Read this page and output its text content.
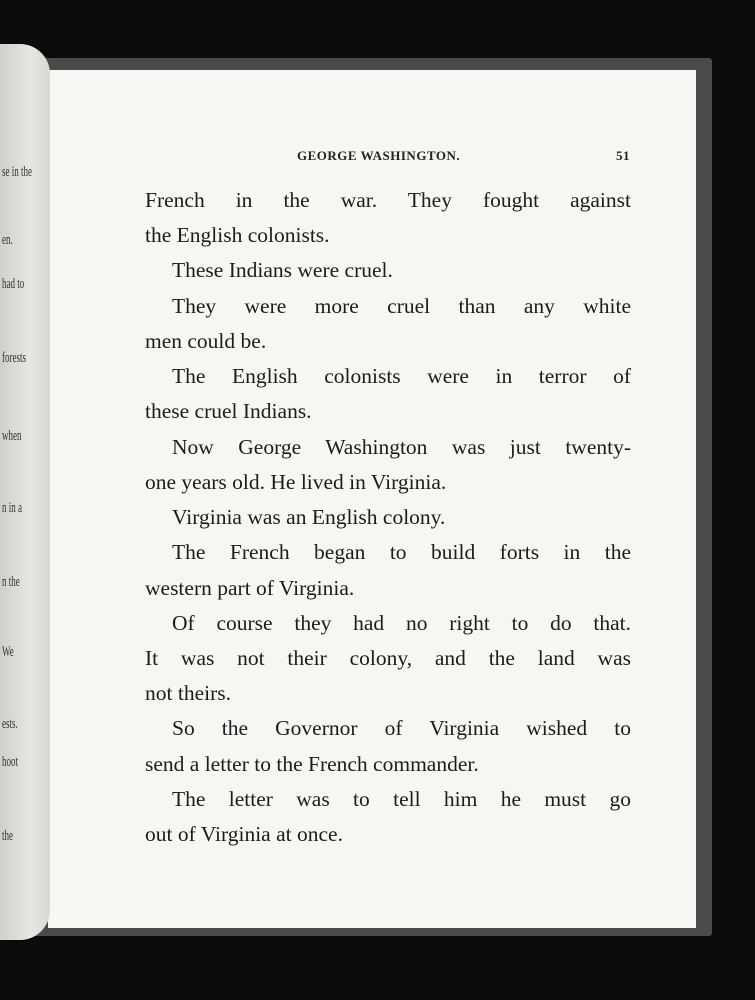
se in the
en.
had to
forests
when
n in a
n the
We
ests.
hoot
the
GEORGE WASHINGTON.	51
French in the war. They fought against
the English colonists.
These Indians were cruel.
They were more cruel than any white
men could be.
The English colonists were in terror of
these cruel Indians.
Now George Washington was just twenty-
one years old. He lived in Virginia.
Virginia was an English colony.
The French began to build forts in the
western part of Virginia.
Of course they had no right to do that.
It was not their colony, and the land was
not theirs.
So the Governor of Virginia wished to
send a letter to the French commander.
The letter was to tell him he must go
out of Virginia at once.
